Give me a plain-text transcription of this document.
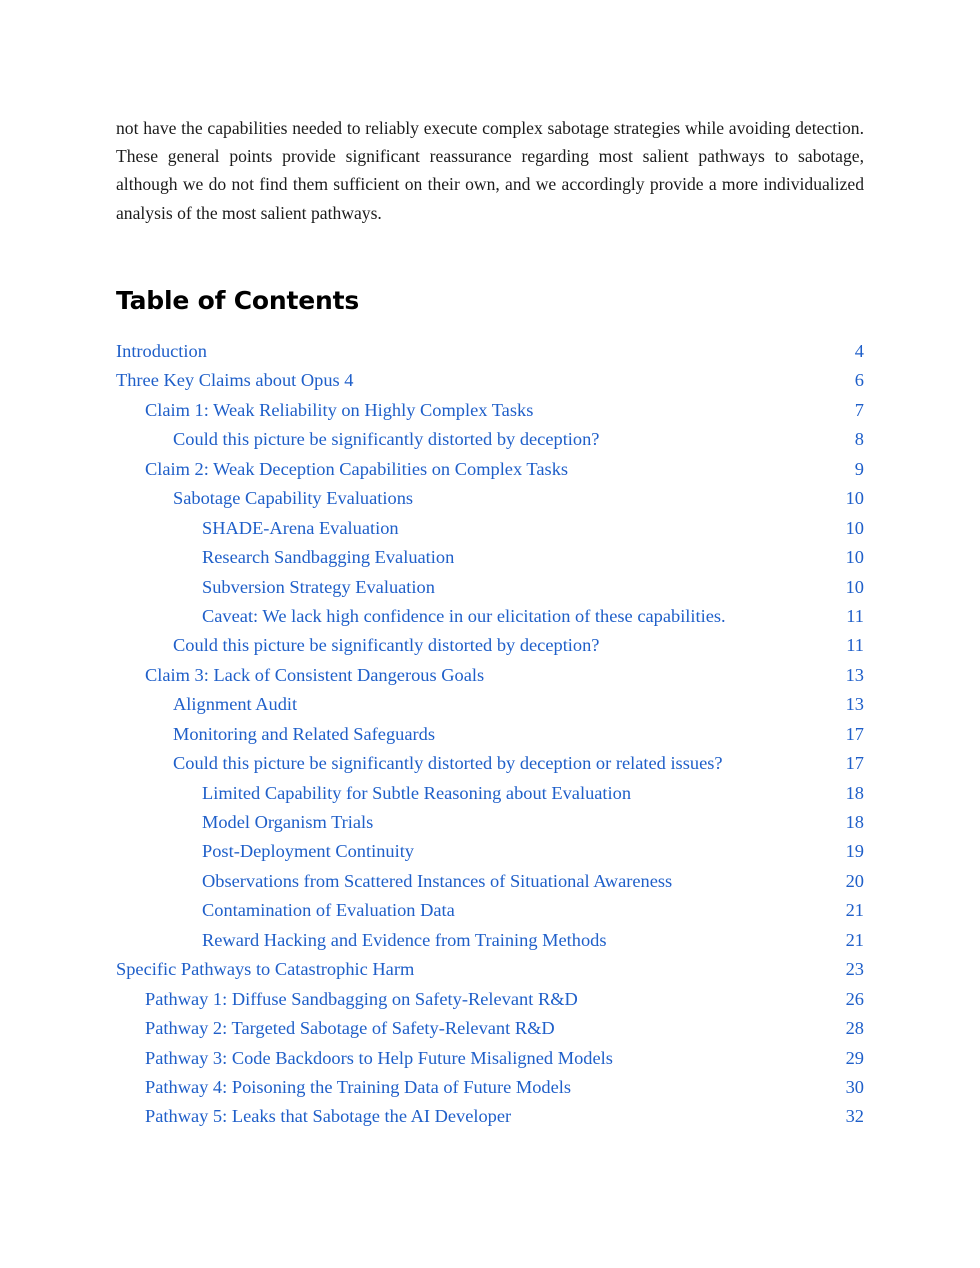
not have the capabilities needed to reliably execute complex sabotage strategies while avoiding detection. These general points provide significant reassurance regarding most salient pathways to sabotage, although we do not find them sufficient on their own, and we accordingly provide a more individualized analysis of the most salient pathways.

Table of Contents
Introduction	4
Three Key Claims about Opus 4	6
Claim 1: Weak Reliability on Highly Complex Tasks	7
Could this picture be significantly distorted by deception?	8
Claim 2: Weak Deception Capabilities on Complex Tasks	9
Sabotage Capability Evaluations	10
SHADE-Arena Evaluation	10
Research Sandbagging Evaluation	10
Subversion Strategy Evaluation	10
Caveat: We lack high confidence in our elicitation of these capabilities.	11
Could this picture be significantly distorted by deception?	11
Claim 3: Lack of Consistent Dangerous Goals	13
Alignment Audit	13
Monitoring and Related Safeguards	17
Could this picture be significantly distorted by deception or related issues?	17
Limited Capability for Subtle Reasoning about Evaluation	18
Model Organism Trials	18
Post-Deployment Continuity	19
Observations from Scattered Instances of Situational Awareness	20
Contamination of Evaluation Data	21
Reward Hacking and Evidence from Training Methods	21
Specific Pathways to Catastrophic Harm	23
Pathway 1: Diffuse Sandbagging on Safety-Relevant R&D	26
Pathway 2: Targeted Sabotage of Safety-Relevant R&D	28
Pathway 3: Code Backdoors to Help Future Misaligned Models	29
Pathway 4: Poisoning the Training Data of Future Models	30
Pathway 5: Leaks that Sabotage the AI Developer	32
